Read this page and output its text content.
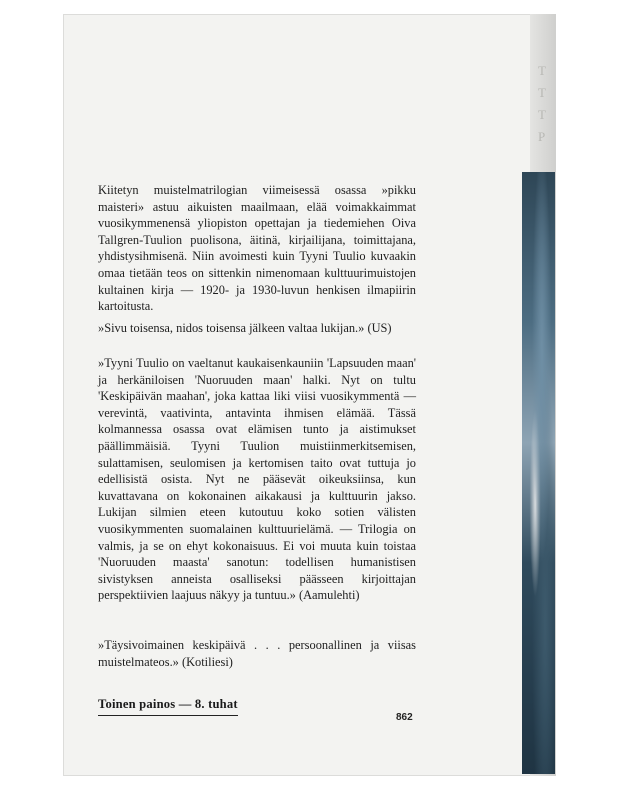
T
T
T
P

Kiitetyn muistelmatrilogian viimeisessä osassa »pikku maisteri» astuu aikuisten maailmaan, elää voimakkaimmat vuosikymmenensä yliopiston opettajan ja tiedemiehen Oiva Tallgren-Tuulion puolisona, äitinä, kirjailijana, toimittajana, yhdistysihmisenä. Niin avoimesti kuin Tyyni Tuulio kuvaakin omaa tietään teos on sittenkin nimenomaan kulttuurimuistojen kultainen kirja — 1920- ja 1930-luvun henkisen ilmapiirin kartoitusta.

»Sivu toisensa, nidos toisensa jälkeen valtaa lukijan.» (US)

»Tyyni Tuulio on vaeltanut kaukaisenkauniin 'Lapsuuden maan' ja herkäniloisen 'Nuoruuden maan' halki. Nyt on tultu 'Keskipäivän maahan', joka kattaa liki viisi vuosikymmentä — verevintä, vaativinta, antavinta ihmisen elämää. Tässä kolmannessa osassa ovat elämisen tunto ja aistimukset päällimmäisiä. Tyyni Tuulion muistiinmerkitsemisen, sulattamisen, seulomisen ja kertomisen taito ovat tuttuja jo edellisistä osista. Nyt ne pääsevät oikeuksiinsa, kun kuvattavana on kokonainen aikakausi ja kulttuurin jakso. Lukijan silmien eteen kutoutuu koko sotien välisten vuosikymmenten suomalainen kulttuurielämä. — Trilogia on valmis, ja se on ehyt kokonaisuus. Ei voi muuta kuin toistaa 'Nuoruuden maasta' sanotun: todellisen humanistisen sivistyksen anneista osalliseksi päässeen kirjoittajan perspektiivien laajuus näkyy ja tuntuu.» (Aamulehti)

»Täysivoimainen keskipäivä . . . persoonallinen ja viisas muistelmateos.» (Kotiliesi)

Toinen painos — 8. tuhat
862
